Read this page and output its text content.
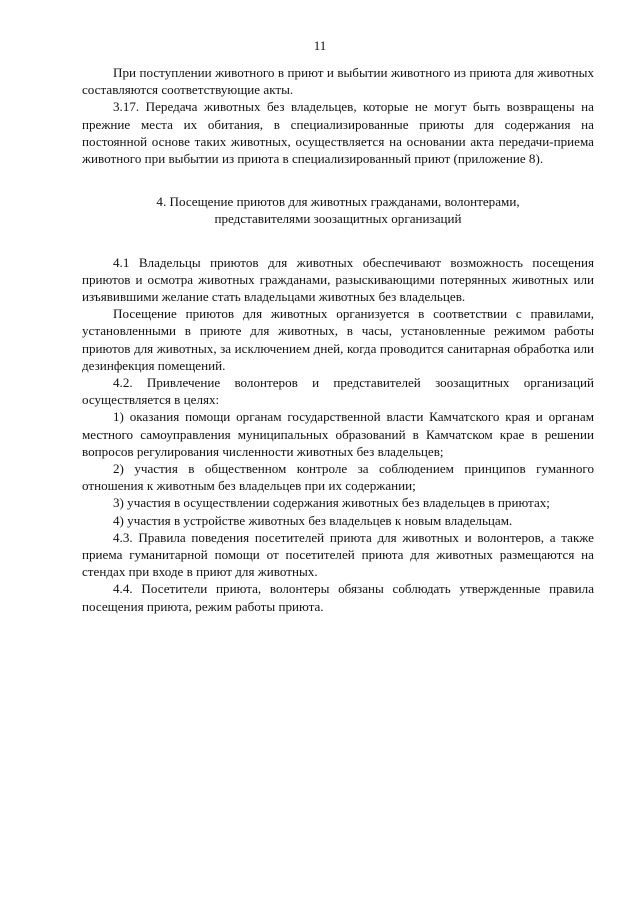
11

При поступлении животного в приют и выбытии животного из приюта для животных составляются соответствующие акты.

3.17. Передача животных без владельцев, которые не могут быть возвращены на прежние места их обитания, в специализированные приюты для содержания на постоянной основе таких животных, осуществляется на основании акта передачи-приема животного при выбытии из приюта в специализированный приют (приложение 8).

4. Посещение приютов для животных гражданами, волонтерами,

представителями зоозащитных организаций

4.1 Владельцы приютов для животных обеспечивают возможность посещения приютов и осмотра животных гражданами, разыскивающими потерянных животных или изъявившими желание стать владельцами животных без владельцев.

Посещение приютов для животных организуется в соответствии с правилами, установленными в приюте для животных, в часы, установленные режимом работы приютов для животных, за исключением дней, когда проводится санитарная обработка или дезинфекция помещений.

4.2. Привлечение волонтеров и представителей зоозащитных организаций осуществляется в целях:

1) оказания помощи органам государственной власти Камчатского края и органам местного самоуправления муниципальных образований в Камчатском крае в решении вопросов регулирования численности животных без владельцев;

2) участия в общественном контроле за соблюдением принципов гуманного отношения к животным без владельцев при их содержании;

3) участия в осуществлении содержания животных без владельцев в приютах;

4) участия в устройстве животных без владельцев к новым владельцам.

4.3. Правила поведения посетителей приюта для животных и волонтеров, а также приема гуманитарной помощи от посетителей приюта для животных размещаются на стендах при входе в приют для животных.

4.4. Посетители приюта, волонтеры обязаны соблюдать утвержденные правила посещения приюта, режим работы приюта.
